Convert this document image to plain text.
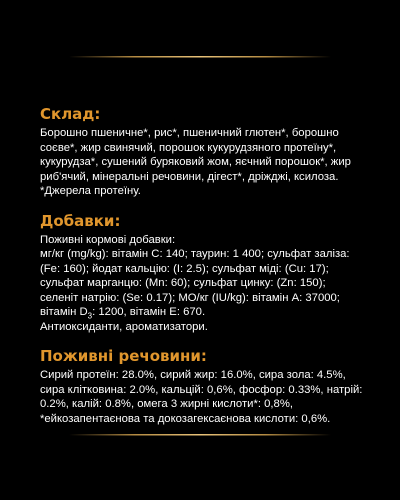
Склад:

Борошно пшеничне*, рис*, пшеничний глютен*, борошно соєве*, жир свинячий, порошок кукурудзяного протеїну*, кукурудза*, сушений буряковий жом, яєчний порошок*, жир риб'ячий, мінеральні речовини, дігест*, дріжджі, ксилоза. *Джерела протеїну.

Добавки:

Поживні кормові добавки:

мг/кг (mg/kg): вітамін С: 140; таурин: 1 400; сульфат заліза: (Fe: 160); йодат кальцію: (I: 2.5); сульфат міді: (Cu: 17); сульфат марганцю: (Mn: 60); сульфат цинку: (Zn: 150); селеніт натрію: (Se: 0.17); МО/кг (IU/kg): вітамін А: 37000; вітамін $D_3$: 1200, вітамін Е: 670.

Антиоксиданти, ароматизатори.

Поживні речовини:

Сирий протеїн: 28.0%, сирий жир: 16.0%, сира зола: 4.5%, сира клітковина: 2.0%, кальцій: 0,6%, фосфор: 0.33%, натрій: 0.2%, калій: 0.8%, омега 3 жирні кислоти*: 0,8%, *ейкозапентаєнова та докозагексаєнова кислоти: 0,6%.
